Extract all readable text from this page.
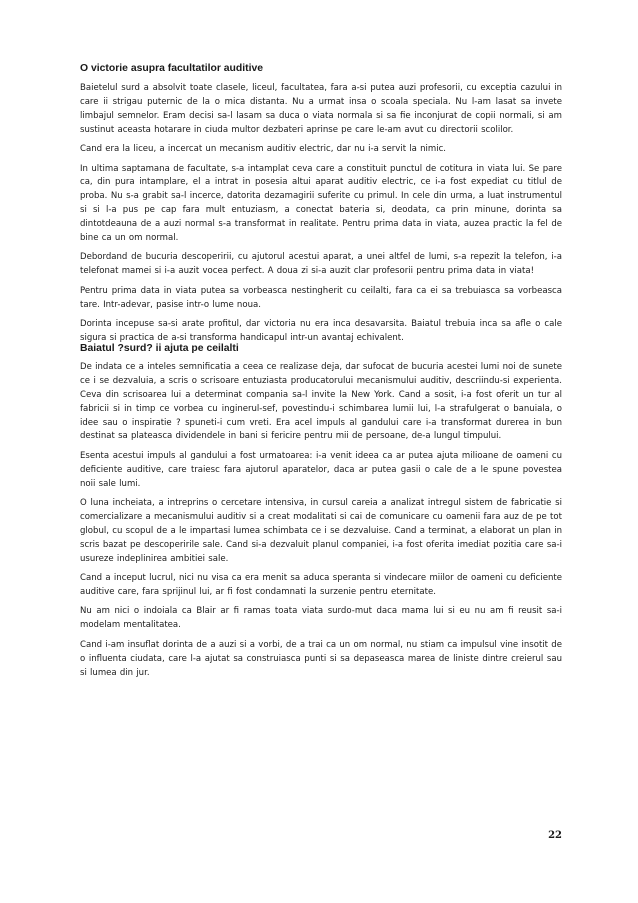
O victorie asupra facultatilor auditive

Baietelul surd a absolvit toate clasele, liceul, facultatea, fara a-si putea auzi profesorii, cu exceptia cazului in care ii strigau puternic de la o mica distanta. Nu a urmat insa o scoala speciala. Nu l-am lasat sa invete limbajul semnelor. Eram decisi sa-l lasam sa duca o viata normala si sa fie inconjurat de copii normali, si am sustinut aceasta hotarare in ciuda multor dezbateri aprinse pe care le-am avut cu directorii scolilor.

Cand era la liceu, a incercat un mecanism auditiv electric, dar nu i-a servit la nimic.

In ultima saptamana de facultate, s-a intamplat ceva care a constituit punctul de cotitura in viata lui. Se pare ca, din pura intamplare, el a intrat in posesia altui aparat auditiv electric, ce i-a fost expediat cu titlul de proba. Nu s-a grabit sa-l incerce, datorita dezamagirii suferite cu primul. In cele din urma, a luat instrumentul si si l-a pus pe cap fara mult entuziasm, a conectat bateria si, deodata, ca prin minune, dorinta sa dintotdeauna de a auzi normal s-a transformat in realitate. Pentru prima data in viata, auzea practic la fel de bine ca un om normal.

Debordand de bucuria descoperirii, cu ajutorul acestui aparat, a unei altfel de lumi, s-a repezit la telefon, i-a telefonat mamei si i-a auzit vocea perfect. A doua zi si-a auzit clar profesorii pentru prima data in viata!

Pentru prima data in viata putea sa vorbeasca nestingherit cu ceilalti, fara ca ei sa trebuiasca sa vorbeasca tare. Intr-adevar, pasise intr-o lume noua.

Dorinta incepuse sa-si arate profitul, dar victoria nu era inca desavarsita. Baiatul trebuia inca sa afle o cale sigura si practica de a-si transforma handicapul intr-un avantaj echivalent.

Baiatul ?surd? ii ajuta pe ceilalti

De indata ce a inteles semnificatia a ceea ce realizase deja, dar sufocat de bucuria acestei lumi noi de sunete ce i se dezvaluia, a scris o scrisoare entuziasta producatorului mecanismului auditiv, descriindu-si experienta. Ceva din scrisoarea lui a determinat compania sa-l invite la New York. Cand a sosit, i-a fost oferit un tur al fabricii si in timp ce vorbea cu inginerul-sef, povestindu-i schimbarea lumii lui, l-a strafulgerat o banuiala, o idee sau o inspiratie ? spuneti-i cum vreti. Era acel impuls al gandului care i-a transformat durerea in bun destinat sa plateasca dividendele in bani si fericire pentru mii de persoane, de-a lungul timpului.

Esenta acestui impuls al gandului a fost urmatoarea: i-a venit ideea ca ar putea ajuta milioane de oameni cu deficiente auditive, care traiesc fara ajutorul aparatelor, daca ar putea gasii o cale de a le spune povestea noii sale lumi.

O luna incheiata, a intreprins o cercetare intensiva, in cursul careia a analizat intregul sistem de fabricatie si comercializare a mecanismului auditiv si a creat modalitati si cai de comunicare cu oamenii fara auz de pe tot globul, cu scopul de a le impartasi lumea schimbata ce i se dezvaluise. Cand a terminat, a elaborat un plan in scris bazat pe descoperirile sale. Cand si-a dezvaluit planul companiei, i-a fost oferita imediat pozitia care sa-i usureze indeplinirea ambitiei sale.

Cand a inceput lucrul, nici nu visa ca era menit sa aduca speranta si vindecare miilor de oameni cu deficiente auditive care, fara sprijinul lui, ar fi fost condamnati la surzenie pentru eternitate.

Nu am nici o indoiala ca Blair ar fi ramas toata viata surdo-mut daca mama lui si eu nu am fi reusit sa-i modelam mentalitatea.

Cand i-am insuflat dorinta de a auzi si a vorbi, de a trai ca un om normal, nu stiam ca impulsul vine insotit de o influenta ciudata, care l-a ajutat sa construiasca punti si sa depaseasca marea de liniste dintre creierul sau si lumea din jur.

22
